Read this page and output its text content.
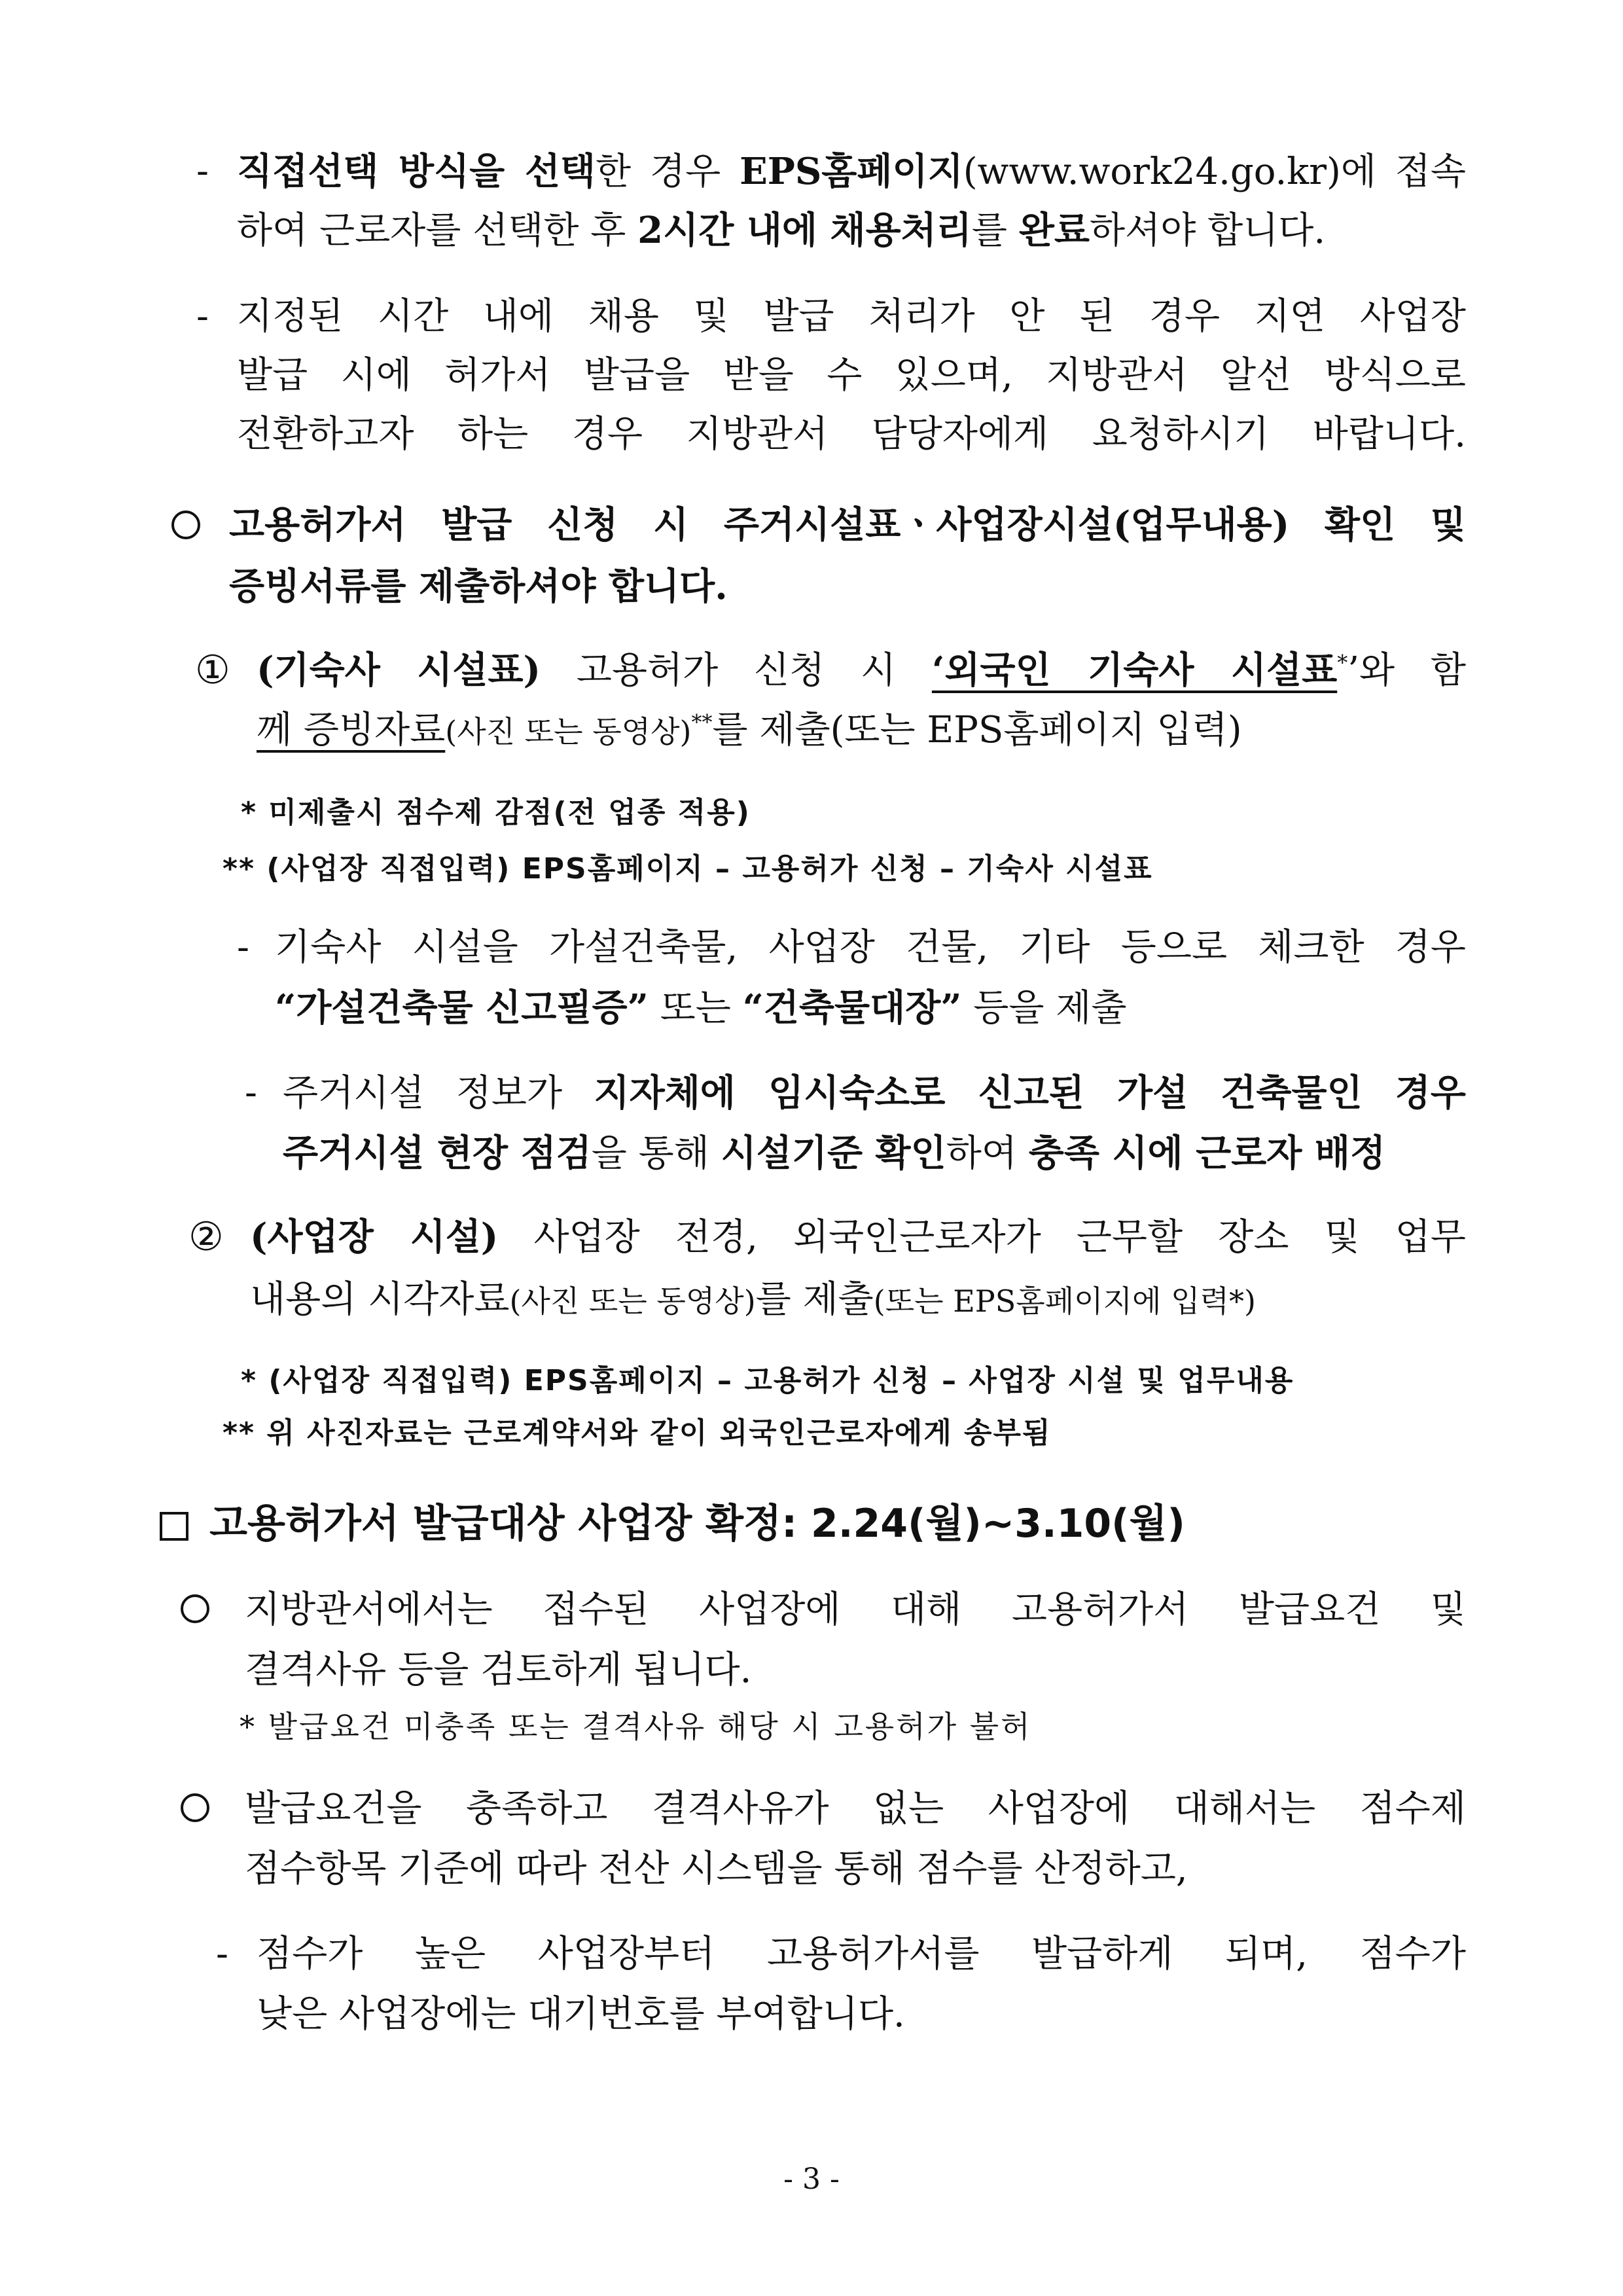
- 직접선택 방식을 선택한 경우 EPS홈페이지(www.work24.go.kr)에 접속
하여 근로자를 선택한 후 2시간 내에 채용처리를 완료하셔야 합니다.
- 지정된 시간 내에 채용 및 발급 처리가 안 된 경우 지연 사업장
발급 시에 허가서 발급을 받을 수 있으며, 지방관서 알선 방식으로
전환하고자 하는 경우 지방관서 담당자에게 요청하시기 바랍니다.
고용허가서 발급 신청 시 주거시설표ㆍ사업장시설(업무내용) 확인 및
증빙서류를 제출하셔야 합니다.
① (기숙사 시설표) 고용허가 신청 시 ‘외국인 기숙사 시설표*’와 함
께 증빙자료(사진 또는 동영상)**를 제출(또는 EPS홈페이지 입력)
* 미제출시 점수제 감점(전 업종 적용)
** (사업장 직접입력) EPS홈페이지 – 고용허가 신청 – 기숙사 시설표
- 기숙사 시설을 가설건축물, 사업장 건물, 기타 등으로 체크한 경우
“가설건축물 신고필증” 또는 “건축물대장” 등을 제출
- 주거시설 정보가 지자체에 임시숙소로 신고된 가설 건축물인 경우
주거시설 현장 점검을 통해 시설기준 확인하여 충족 시에 근로자 배정
② (사업장 시설) 사업장 전경, 외국인근로자가 근무할 장소 및 업무
내용의 시각자료(사진 또는 동영상)를 제출(또는 EPS홈페이지에 입력*)
* (사업장 직접입력) EPS홈페이지 – 고용허가 신청 – 사업장 시설 및 업무내용
** 위 사진자료는 근로계약서와 같이 외국인근로자에게 송부됨
고용허가서 발급대상 사업장 확정: 2.24(월)~3.10(월)
지방관서에서는 접수된 사업장에 대해 고용허가서 발급요건 및
결격사유 등을 검토하게 됩니다.
* 발급요건 미충족 또는 결격사유 해당 시 고용허가 불허
발급요건을 충족하고 결격사유가 없는 사업장에 대해서는 점수제
점수항목 기준에 따라 전산 시스템을 통해 점수를 산정하고,
- 점수가 높은 사업장부터 고용허가서를 발급하게 되며, 점수가
낮은 사업장에는 대기번호를 부여합니다.
- 3 -
